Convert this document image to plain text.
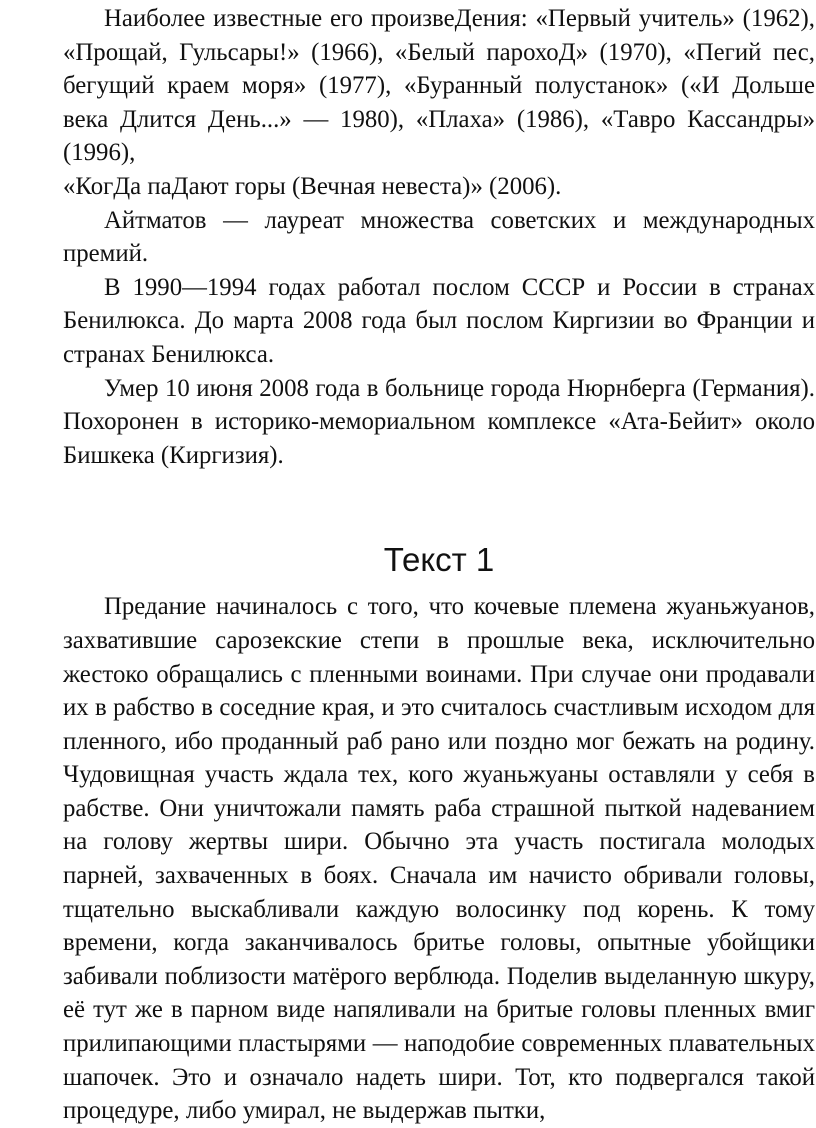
Наиболее известные его произвеДения: «Первый учитель» (1962), «Прощай, Гульсары!» (1966), «Белый парохоД» (1970), «Пегий пес, бегущий краем моря» (1977), «Буранный полустанок» («И Дольше века Длится День...» — 1980), «Плаха» (1986), «Тавро Кассандры» (1996),

«КогДа паДают горы (Вечная невеста)» (2006).

Айтматов — лауреат множества советских и международных премий.

В 1990—1994 годах работал послом СССР и России в странах Бенилюкса. До марта 2008 года был послом Киргизии во Франции и странах Бенилюкса.

Умер 10 июня 2008 года в больнице города Нюрнберга (Германия). Похоронен в историко-мемориальном комплексе «Ата-Бейит» около Бишкека (Киргизия).

Текст 1

Предание начиналось с того, что кочевые племена жуаньжуанов, захватившие сарозекские степи в прошлые века, исключительно жестоко обращались с пленными воинами. При случае они продавали их в рабство в соседние края, и это считалось счастливым исходом для пленного, ибо проданный раб рано или поздно мог бежать на родину. Чудовищная участь ждала тех, кого жуаньжуаны оставляли у себя в рабстве. Они уничтожали память раба страшной пыткой надеванием на голову жертвы шири. Обычно эта участь постигала молодых парней, захваченных в боях. Сначала им начисто обривали головы, тщательно выскабливали каждую волосинку под корень. К тому времени, когда заканчивалось бритье головы, опытные убойщики забивали поблизости матёрого верблюда. Поделив выделанную шкуру, её тут же в парном виде напяливали на бритые головы пленных вмиг прилипающими пластырями — наподобие современных плавательных шапочек. Это и означало надеть шири. Тот, кто подвергался такой процедуре, либо умирал, не выдержав пытки,
